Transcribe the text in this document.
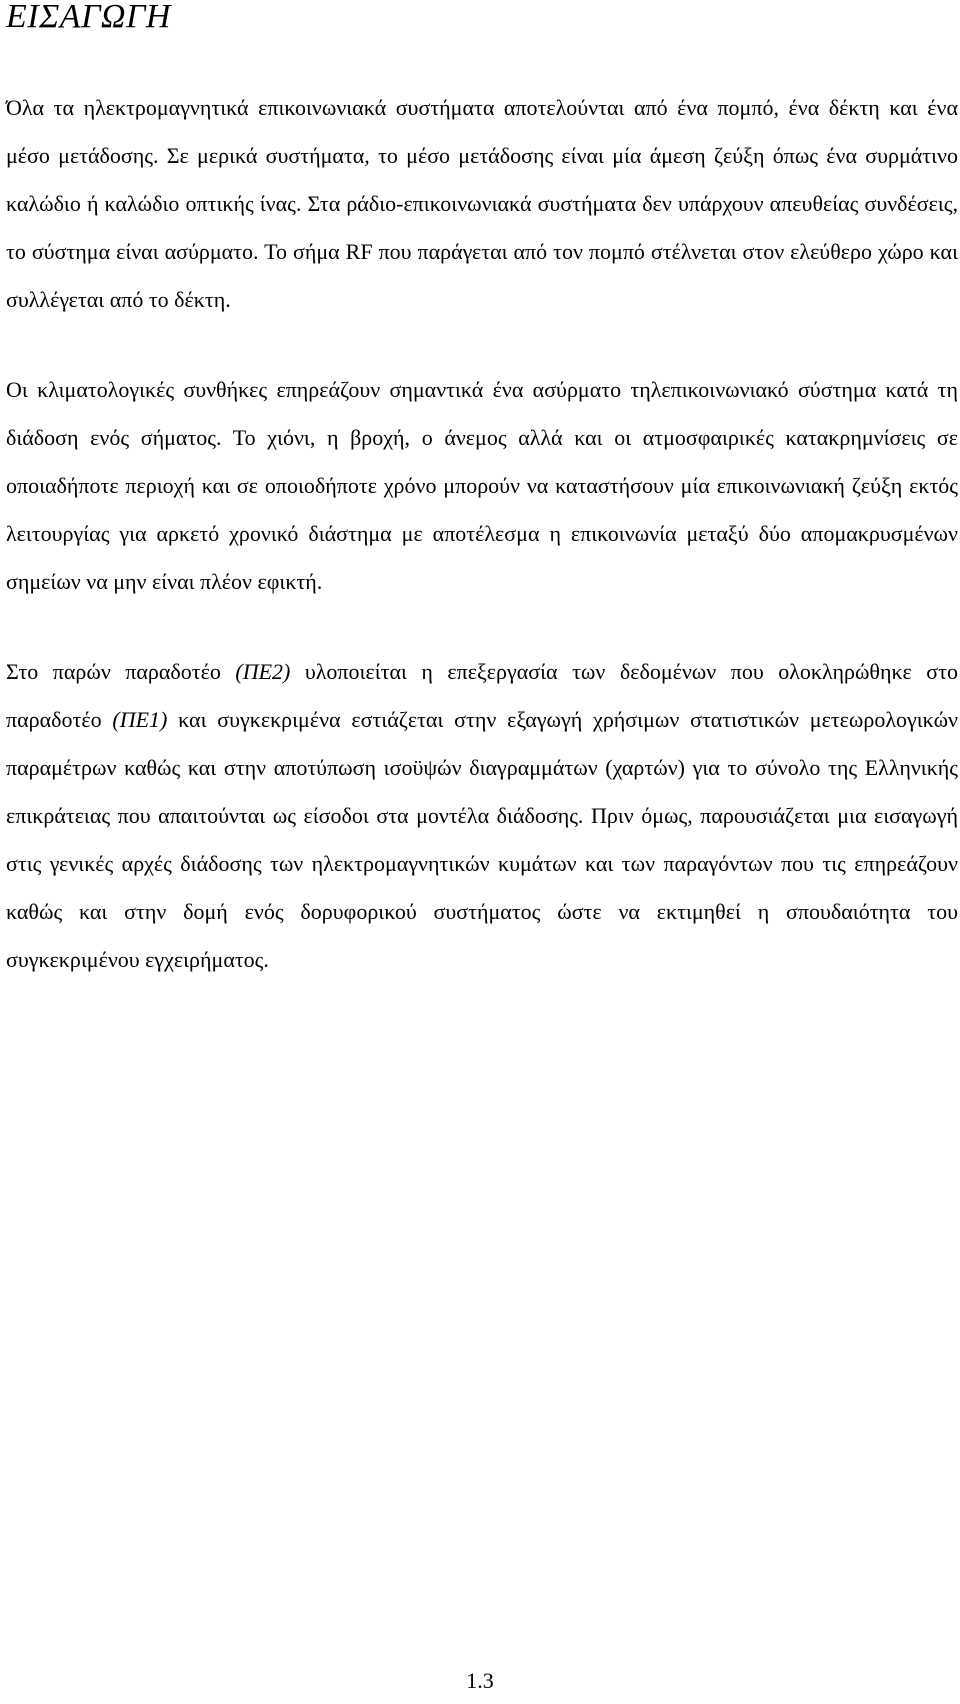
ΕΙΣΑΓΩΓΗ

Όλα τα ηλεκτρομαγνητικά επικοινωνιακά συστήματα αποτελούνται από ένα πομπό, ένα δέκτη και ένα μέσο μετάδοσης. Σε μερικά συστήματα, το μέσο μετάδοσης είναι μία άμεση ζεύξη όπως ένα συρμάτινο καλώδιο ή καλώδιο οπτικής ίνας. Στα ράδιο-επικοινωνιακά συστήματα δεν υπάρχουν απευθείας συνδέσεις, το σύστημα είναι ασύρματο. Το σήμα RF που παράγεται από τον πομπό στέλνεται στον ελεύθερο χώρο και συλλέγεται από το δέκτη.

Οι κλιματολογικές συνθήκες επηρεάζουν σημαντικά ένα ασύρματο τηλεπικοινωνιακό σύστημα κατά τη διάδοση ενός σήματος. Το χιόνι, η βροχή, ο άνεμος αλλά και οι ατμοσφαιρικές κατακρημνίσεις σε οποιαδήποτε περιοχή και σε οποιοδήποτε χρόνο μπορούν να καταστήσουν μία επικοινωνιακή ζεύξη εκτός λειτουργίας για αρκετό χρονικό διάστημα με αποτέλεσμα η επικοινωνία μεταξύ δύο απομακρυσμένων σημείων να μην είναι πλέον εφικτή.

Στο παρών παραδοτέο (ΠΕ2) υλοποιείται η επεξεργασία των δεδομένων που ολοκληρώθηκε στο παραδοτέο (ΠΕ1) και συγκεκριμένα εστιάζεται στην εξαγωγή χρήσιμων στατιστικών μετεωρολογικών παραμέτρων καθώς και στην αποτύπωση ισοϋψών διαγραμμάτων (χαρτών) για το σύνολο της Ελληνικής επικράτειας που απαιτούνται ως είσοδοι στα μοντέλα διάδοσης. Πριν όμως, παρουσιάζεται μια εισαγωγή στις γενικές αρχές διάδοσης των ηλεκτρομαγνητικών κυμάτων και των παραγόντων που τις επηρεάζουν καθώς και στην δομή ενός δορυφορικού συστήματος ώστε να εκτιμηθεί η σπουδαιότητα του συγκεκριμένου εγχειρήματος.

1.3
